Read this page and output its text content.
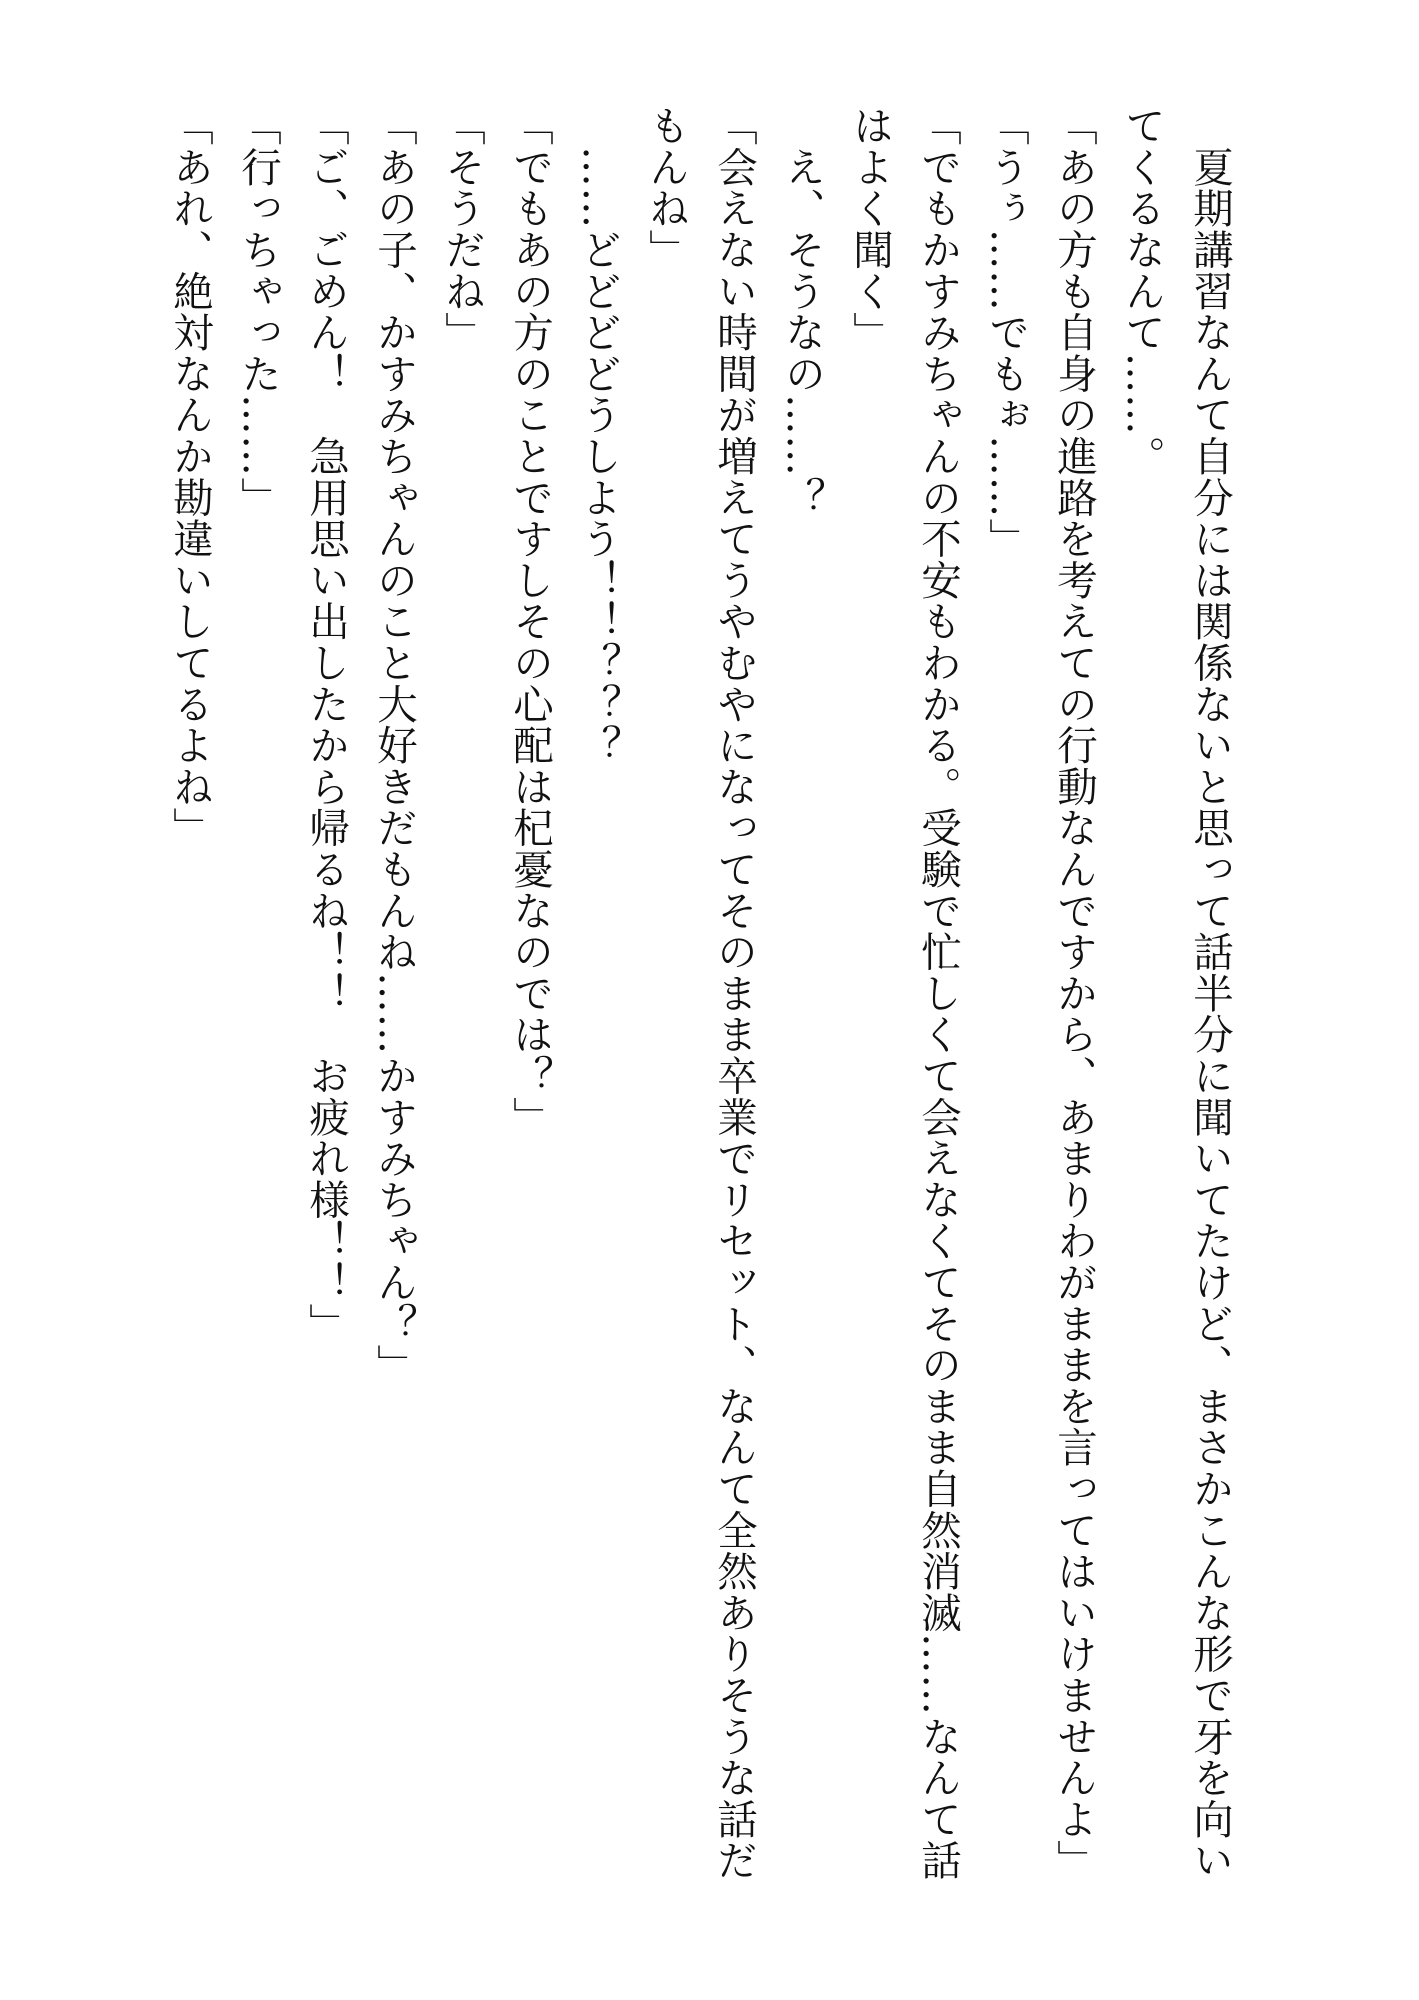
　夏期講習なんて自分には関係ないと思って話半分に聞いてたけど、まさかこんな形で牙を向い
てくるなんて……。
「あの方も自身の進路を考えての行動なんですから、あまりわがままを言ってはいけませんよ」
「うぅ……でもぉ……」
「でもかすみちゃんの不安もわかる。受験で忙しくて会えなくてそのまま自然消滅……なんて話
はよく聞く」
　え、そうなの……？
「会えない時間が増えてうやむやになってそのまま卒業でリセット、なんて全然ありそうな話だ
もんね」
　……どどどどうしよう！！？？？
「でもあの方のことですしその心配は杞憂なのでは？」
「そうだね」
「あの子、かすみちゃんのこと大好きだもんね……かすみちゃん？」
「ご、ごめん！　急用思い出したから帰るね！！　お疲れ様！！」
「行っちゃった……」
「あれ、絶対なんか勘違いしてるよね」
